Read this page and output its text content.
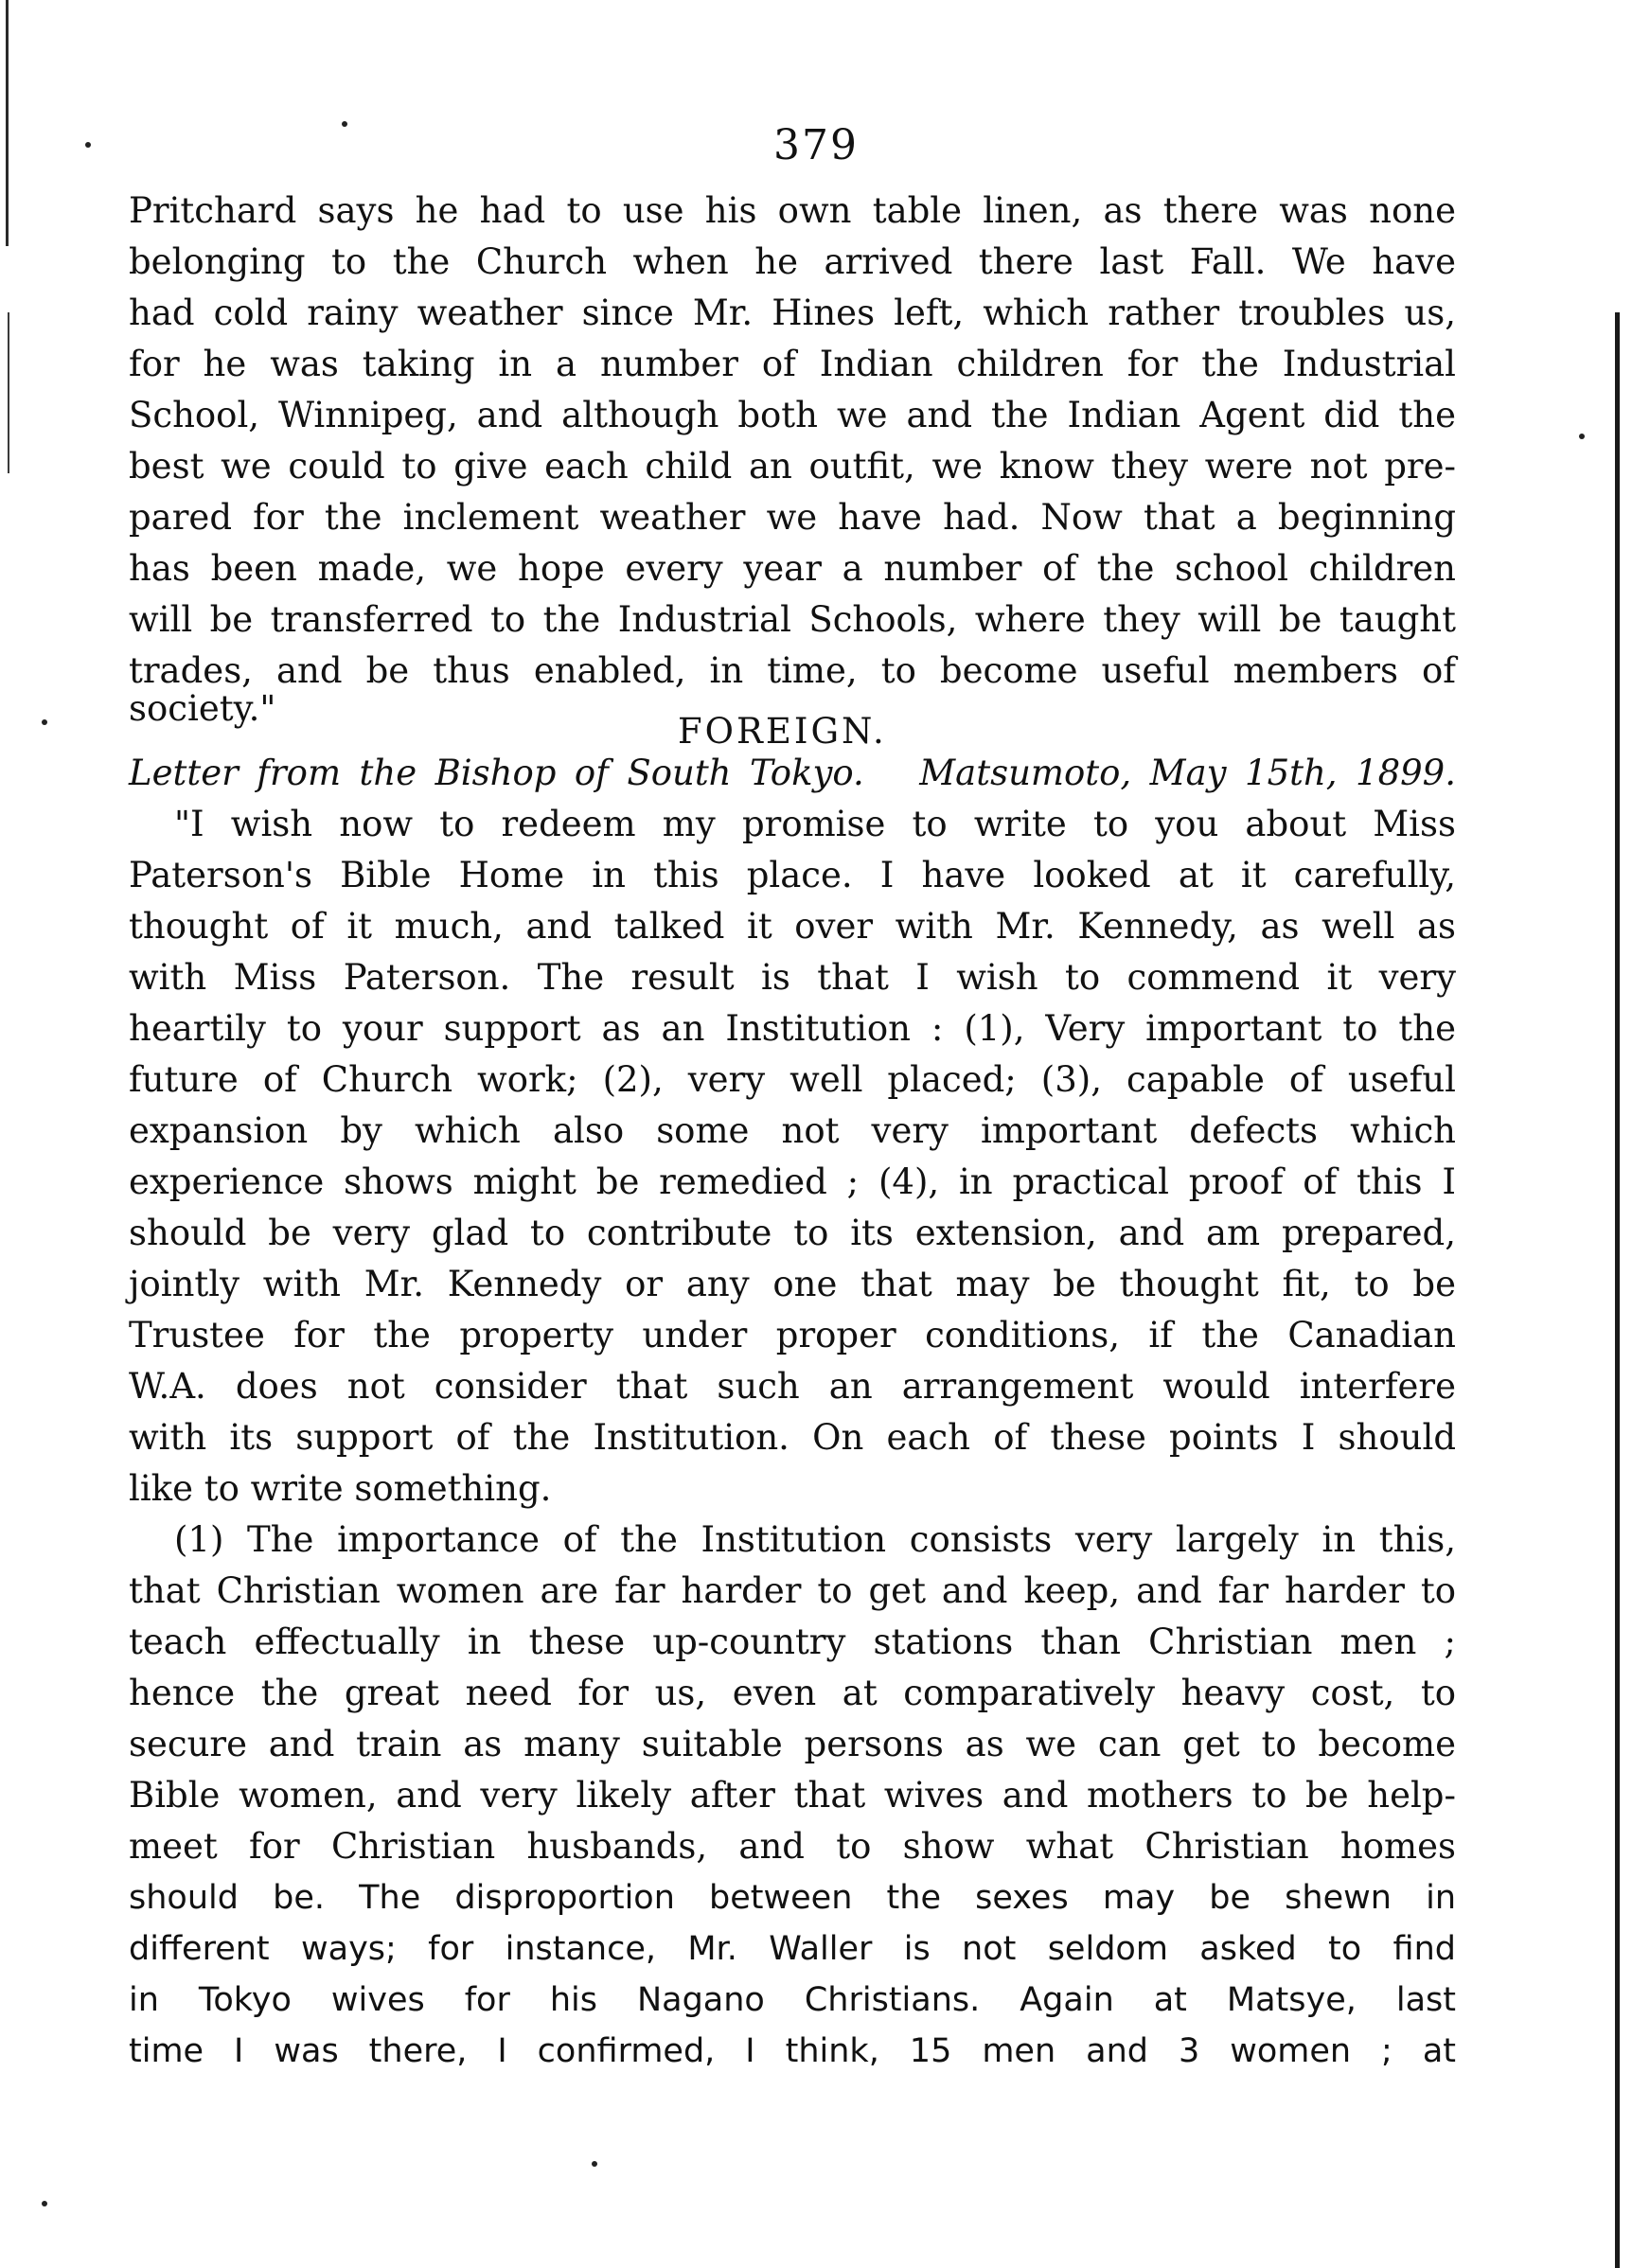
379
Pritchard says he had to use his own table linen, as there was none
belonging to the Church when he arrived there last Fall. We have
had cold rainy weather since Mr. Hines left, which rather troubles us,
for he was taking in a number of Indian children for the Industrial
School, Winnipeg, and although both we and the Indian Agent did the
best we could to give each child an outfit, we know they were not pre-
pared for the inclement weather we have had. Now that a beginning
has been made, we hope every year a number of the school children
will be transferred to the Industrial Schools, where they will be taught
trades, and be thus enabled, in time, to become useful members of
society."
FOREIGN.
Letter from the Bishop of South Tokyo. Matsumoto, May 15th, 1899.
"I wish now to redeem my promise to write to you about Miss
Paterson's Bible Home in this place. I have looked at it carefully,
thought of it much, and talked it over with Mr. Kennedy, as well as
with Miss Paterson. The result is that I wish to commend it very
heartily to your support as an Institution : (1), Very important to the
future of Church work; (2), very well placed; (3), capable of useful
expansion by which also some not very important defects which
experience shows might be remedied ; (4), in practical proof of this I
should be very glad to contribute to its extension, and am prepared,
jointly with Mr. Kennedy or any one that may be thought fit, to be
Trustee for the property under proper conditions, if the Canadian
W.A. does not consider that such an arrangement would interfere
with its support of the Institution. On each of these points I should
like to write something.
(1) The importance of the Institution consists very largely in this,
that Christian women are far harder to get and keep, and far harder to
teach effectually in these up-country stations than Christian men ;
hence the great need for us, even at comparatively heavy cost, to
secure and train as many suitable persons as we can get to become
Bible women, and very likely after that wives and mothers to be help-
meet for Christian husbands, and to show what Christian homes
should be. The disproportion between the sexes may be shewn in
different ways; for instance, Mr. Waller is not seldom asked to find
in Tokyo wives for his Nagano Christians. Again at Matsye, last
time I was there, I confirmed, I think, 15 men and 3 women ; at
